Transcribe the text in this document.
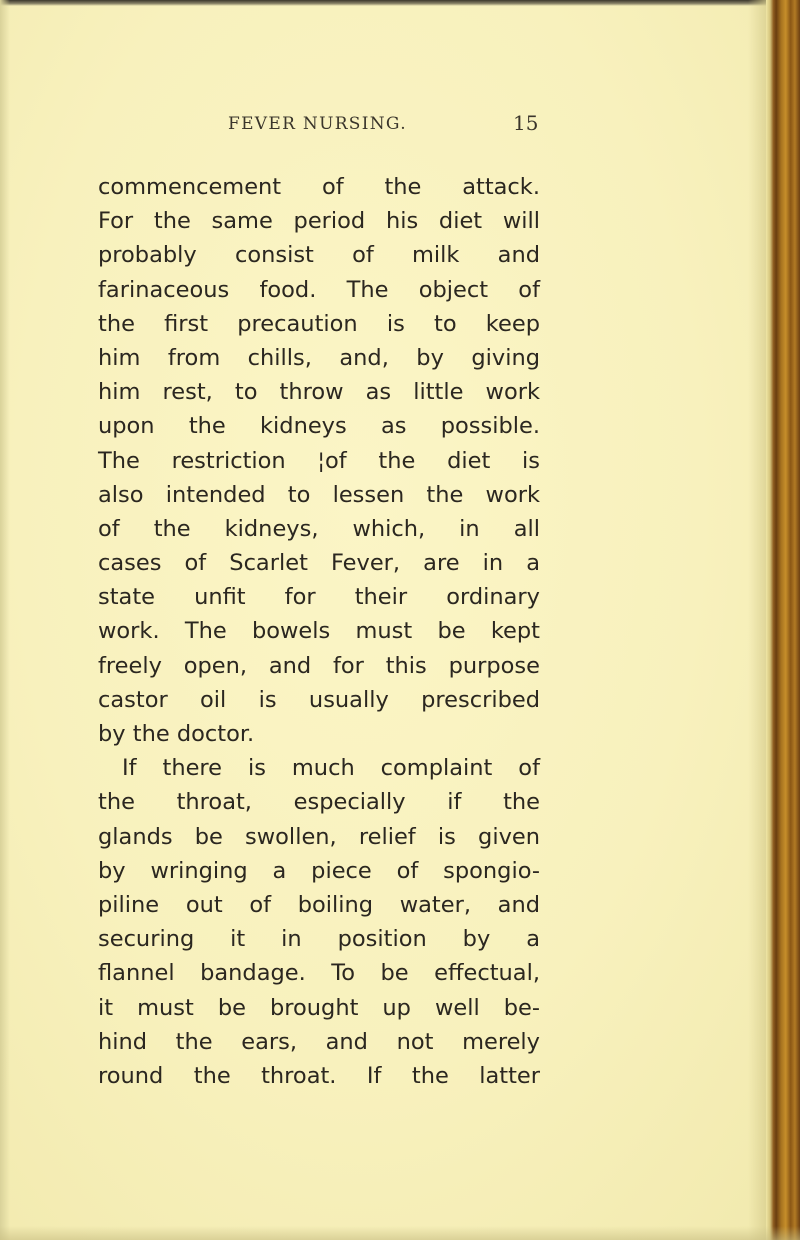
FEVER NURSING.	15
commencement of the attack.
For the same period his diet will
probably consist of milk and
farinaceous food. The object of
the first precaution is to keep
him from chills, and, by giving
him rest, to throw as little work
upon the kidneys as possible.
The restriction ¦of the diet is
also intended to lessen the work
of the kidneys, which, in all
cases of Scarlet Fever, are in a
state unfit for their ordinary
work. The bowels must be kept
freely open, and for this purpose
castor oil is usually prescribed
by the doctor.
If there is much complaint of
the throat, especially if the
glands be swollen, relief is given
by wringing a piece of spongio-
piline out of boiling water, and
securing it in position by a
flannel bandage. To be effectual,
it must be brought up well be-
hind the ears, and not merely
round the throat. If the latter
